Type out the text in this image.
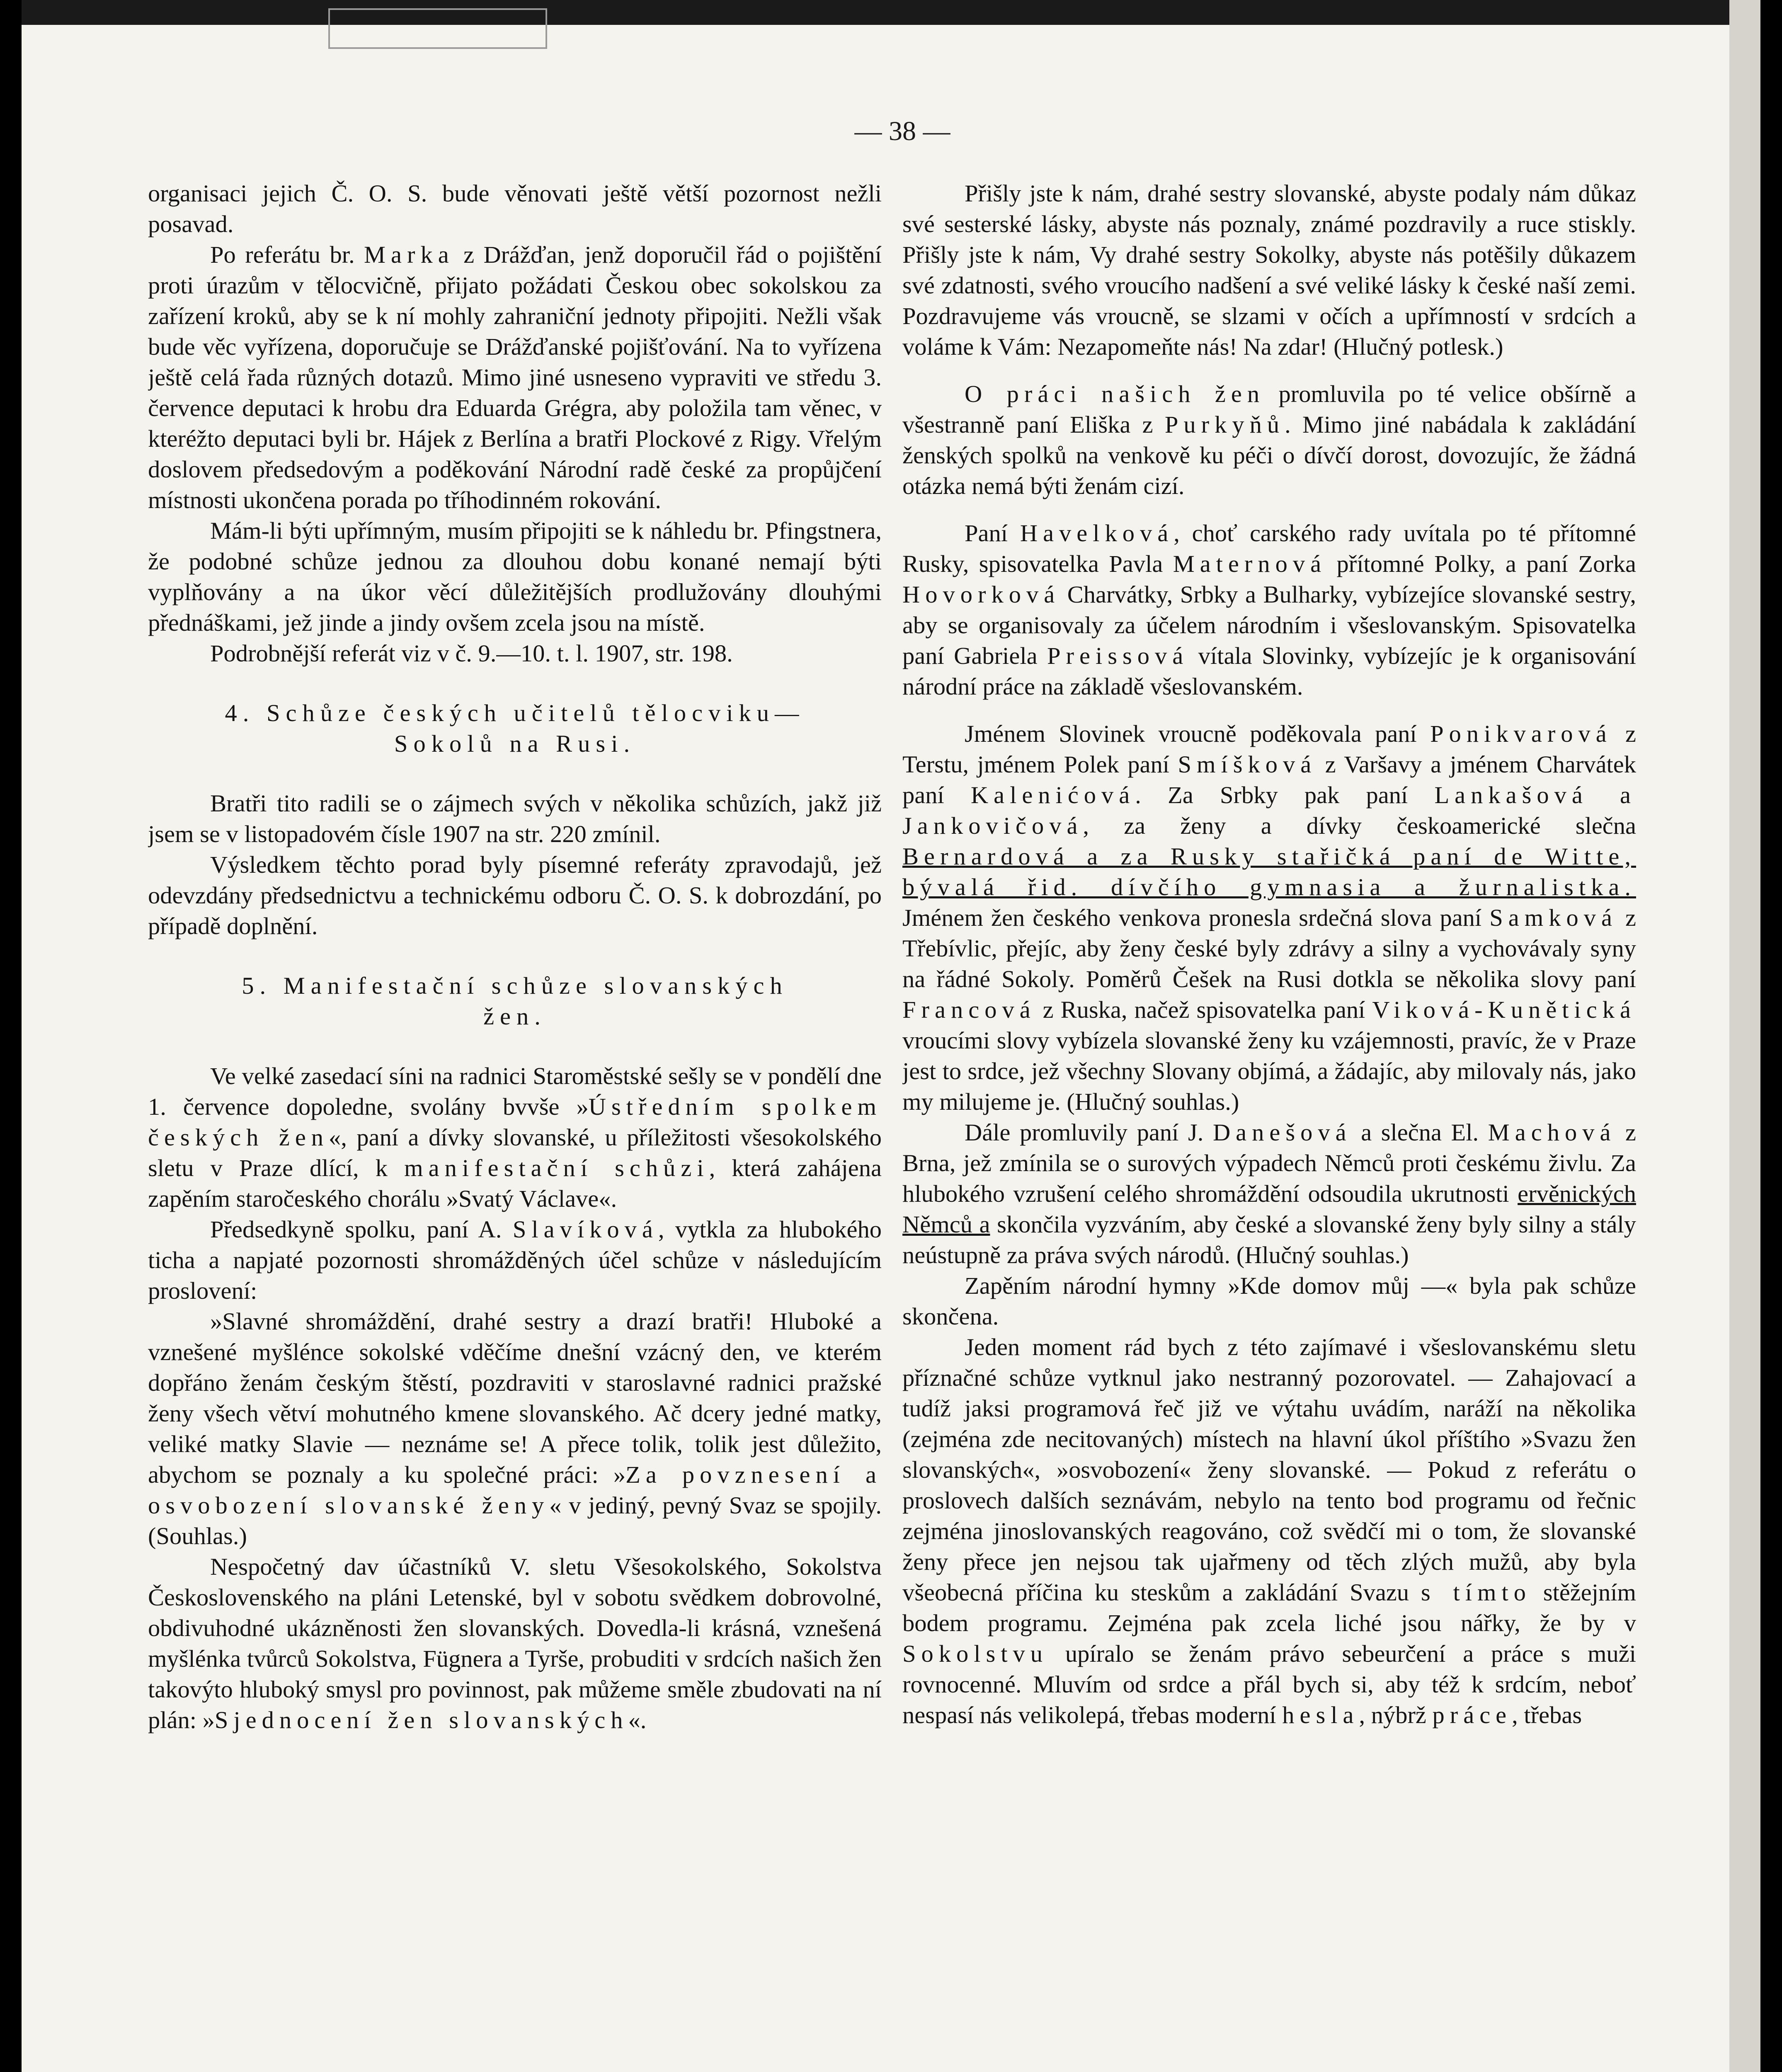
— 38 —

organisaci jejich Č. O. S. bude věnovati ještě větší pozornost nežli posavad.

Po referátu br. Marka z Drážďan, jenž doporučil řád o pojištění proti úrazům v tělocvičně, přijato požádati Českou obec sokolskou za zařízení kroků, aby se k ní mohly zahraniční jednoty připojiti. Nežli však bude věc vyřízena, doporučuje se Drážďanské pojišťování. Na to vyřízena ještě celá řada různých dotazů. Mimo jiné usneseno vypraviti ve středu 3. července deputaci k hrobu dra Eduarda Grégra, aby položila tam věnec, v kteréžto deputaci byli br. Hájek z Berlína a bratři Plockové z Rigy. Vřelým doslovem předsedovým a poděkování Národní radě české za propůjčení místnosti ukončena porada po tříhodinném rokování.

Mám-li býti upřímným, musím připojiti se k náhledu br. Pfingstnera, že podobné schůze jednou za dlouhou dobu konané nemají býti vyplňovány a na úkor věcí důležitějších prodlužovány dlouhými přednáškami, jež jinde a jindy ovšem zcela jsou na místě.

Podrobnější referát viz v č. 9.—10. t. l. 1907, str. 198.

4. Schůze českých učitelů tělocviku—

Sokolů na Rusi.

Bratři tito radili se o zájmech svých v několika schůzích, jakž již jsem se v listopadovém čísle 1907 na str. 220 zmínil.

Výsledkem těchto porad byly písemné referáty zpravodajů, jež odevzdány předsednictvu a technickému odboru Č. O. S. k dobrozdání, po případě doplnění.

5. Manifestační schůze slovanských

žen.

Ve velké zasedací síni na radnici Staroměstské sešly se v pondělí dne 1. července dopoledne, svolány bvvše »Ústředním spolkem českých žen«, paní a dívky slovanské, u příležitosti všesokolského sletu v Praze dlící, k manifestační schůzi, která zahájena zapěním staročeského chorálu »Svatý Václave«.

Předsedkyně spolku, paní A. Slavíková, vytkla za hlubokého ticha a napjaté pozornosti shromážděných účel schůze v následujícím proslovení:

»Slavné shromáždění, drahé sestry a drazí bratři! Hluboké a vznešené myšlénce sokolské vděčíme dnešní vzácný den, ve kterém dopřáno ženám českým štěstí, pozdraviti v staroslavné radnici pražské ženy všech větví mohutného kmene slovanského. Ač dcery jedné matky, veliké matky Slavie — neznáme se! A přece tolik, tolik jest důležito, abychom se poznaly a ku společné práci: »Za povznesení a osvobození slovanské ženy« v jediný, pevný Svaz se spojily. (Souhlas.)

Nespočetný dav účastníků V. sletu Všesokolského, Sokolstva Československého na pláni Letenské, byl v sobotu svědkem dobrovolné, obdivuhodné ukázněnosti žen slovanských. Dovedla-li krásná, vznešená myšlénka tvůrců Sokolstva, Fügnera a Tyrše, probuditi v srdcích našich žen takovýto hluboký smysl pro povinnost, pak můžeme směle zbudovati na ní plán: »Sjednocení žen slovanských«.

Přišly jste k nám, drahé sestry slovanské, abyste podaly nám důkaz své sesterské lásky, abyste nás poznaly, známé pozdravily a ruce stiskly. Přišly jste k nám, Vy drahé sestry Sokolky, abyste nás potěšily důkazem své zdatnosti, svého vroucího nadšení a své veliké lásky k české naší zemi. Pozdravujeme vás vroucně, se slzami v očích a upřímností v srdcích a voláme k Vám: Nezapomeňte nás! Na zdar! (Hlučný potlesk.)

O práci našich žen promluvila po té velice obšírně a všestranně paní Eliška z Purkyňů. Mimo jiné nabádala k zakládání ženských spolků na venkově ku péči o dívčí dorost, dovozujíc, že žádná otázka nemá býti ženám cizí.

Paní Havelková, choť carského rady uvítala po té přítomné Rusky, spisovatelka Pavla Maternová přítomné Polky, a paní Zorka Hovorková Charvátky, Srbky a Bulharky, vybízejíce slovanské sestry, aby se organisovaly za účelem národním i všeslovanským. Spisovatelka paní Gabriela Preissová vítala Slovinky, vybízejíc je k organisování národní práce na základě všeslovanském.

Jménem Slovinek vroucně poděkovala paní Ponikvarová z Terstu, jménem Polek paní Smíšková z Varšavy a jménem Charvátek paní Kalenićová. Za Srbky pak paní Lankašová a Jankovičová, za ženy a dívky českoamerické slečna Bernardová a za Rusky stařičká paní de Witte, bývalá řid. dívčího gymnasia a žurnalistka. Jménem žen českého venkova pronesla srdečná slova paní Samková z Třebívlic, přejíc, aby ženy české byly zdrávy a silny a vychovávaly syny na řádné Sokoly. Poměrů Češek na Rusi dotkla se několika slovy paní Francová z Ruska, načež spisovatelka paní Viková-Kunětická vroucími slovy vybízela slovanské ženy ku vzájemnosti, pravíc, že v Praze jest to srdce, jež všechny Slovany objímá, a žádajíc, aby milovaly nás, jako my milujeme je. (Hlučný souhlas.)

Dále promluvily paní J. Danešová a slečna El. Machová z Brna, jež zmínila se o surových výpadech Němců proti českému živlu. Za hlubokého vzrušení celého shromáždění odsoudila ukrutnosti ervěnických Němců a skončila vyzváním, aby české a slovanské ženy byly silny a stály neústupně za práva svých národů. (Hlučný souhlas.)

Zapěním národní hymny »Kde domov můj —« byla pak schůze skončena.

Jeden moment rád bych z této zajímavé i všeslovanskému sletu příznačné schůze vytknul jako nestranný pozorovatel. — Zahajovací a tudíž jaksi programová řeč již ve výtahu uvádím, naráží na několika (zejména zde necitovaných) místech na hlavní úkol příštího »Svazu žen slovanských«, »osvobození« ženy slovanské. — Pokud z referátu o proslovech dalších seznávám, nebylo na tento bod programu od řečnic zejména jinoslovanských reagováno, což svědčí mi o tom, že slovanské ženy přece jen nejsou tak ujařmeny od těch zlých mužů, aby byla všeobecná příčina ku steskům a zakládání Svazu s tímto stěžejním bodem programu. Zejména pak zcela liché jsou nářky, že by v Sokolstvu upíralo se ženám právo sebeurčení a práce s muži rovnocenné. Mluvím od srdce a přál bych si, aby též k srdcím, neboť nespasí nás velikolepá, třebas moderní hesla, nýbrž práce, třebas
